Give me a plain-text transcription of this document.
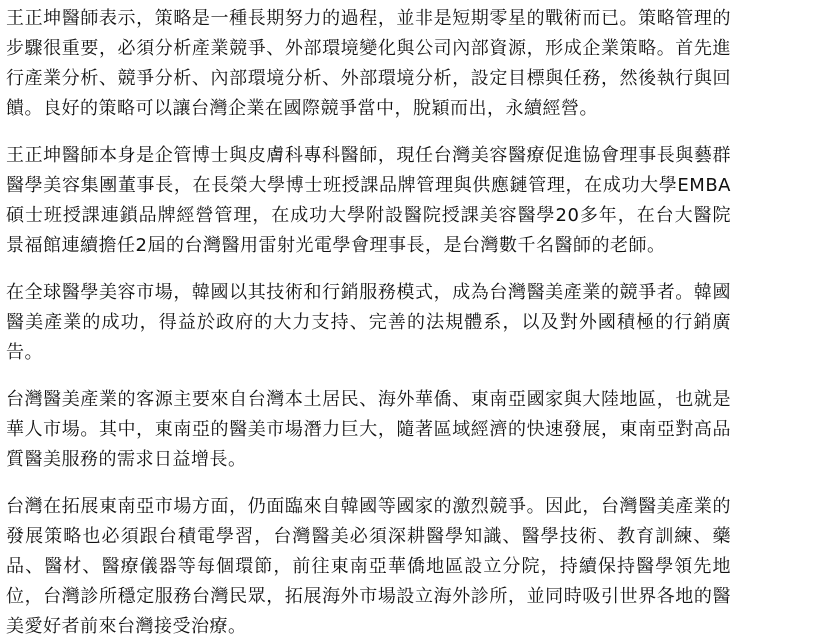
王正坤醫師表示，策略是一種長期努力的過程，並非是短期零星的戰術而已。策略管理的步驟很重要，必須分析產業競爭、外部環境變化與公司內部資源，形成企業策略。首先進行產業分析、競爭分析、內部環境分析、外部環境分析，設定目標與任務，然後執行與回饋。良好的策略可以讓台灣企業在國際競爭當中，脫穎而出，永續經營。

王正坤醫師本身是企管博士與皮膚科專科醫師，現任台灣美容醫療促進協會理事長與藝群醫學美容集團董事長，在長榮大學博士班授課品牌管理與供應鏈管理，在成功大學EMBA碩士班授課連鎖品牌經營管理，在成功大學附設醫院授課美容醫學20多年，在台大醫院景福館連續擔任2屆的台灣醫用雷射光電學會理事長，是台灣數千名醫師的老師。

在全球醫學美容市場，韓國以其技術和行銷服務模式，成為台灣醫美產業的競爭者。韓國醫美產業的成功，得益於政府的大力支持、完善的法規體系，以及對外國積極的行銷廣告。

台灣醫美產業的客源主要來自台灣本土居民、海外華僑、東南亞國家與大陸地區，也就是華人市場。其中，東南亞的醫美市場潛力巨大，隨著區域經濟的快速發展，東南亞對高品質醫美服務的需求日益增長。

台灣在拓展東南亞市場方面，仍面臨來自韓國等國家的激烈競爭。因此，台灣醫美產業的發展策略也必須跟台積電學習，台灣醫美必須深耕醫學知識、醫學技術、教育訓練、藥品、醫材、醫療儀器等每個環節，前往東南亞華僑地區設立分院，持續保持醫學領先地位，台灣診所穩定服務台灣民眾，拓展海外市場設立海外診所，並同時吸引世界各地的醫美愛好者前來台灣接受治療。
